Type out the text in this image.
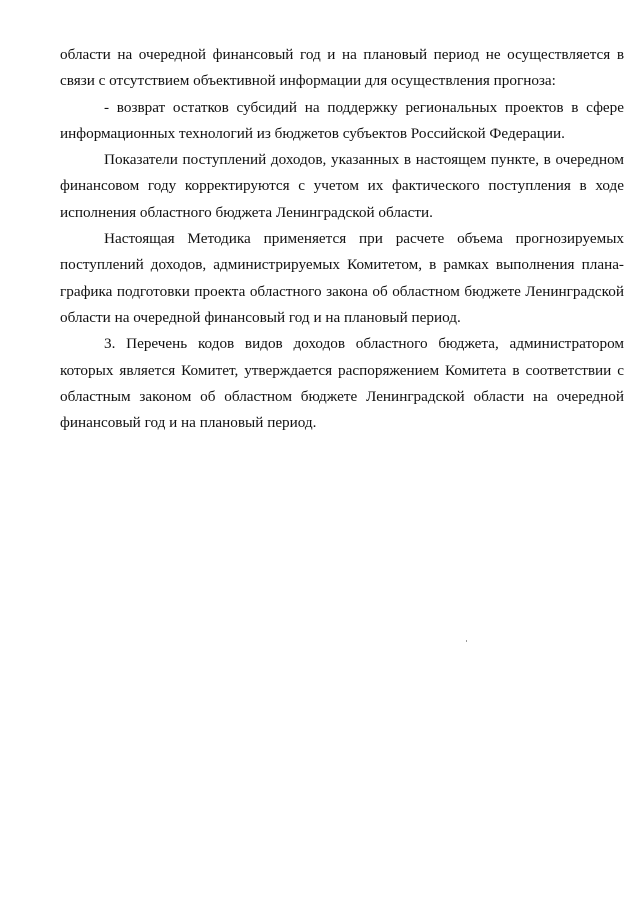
области на очередной финансовый год и на плановый период не осуществляется в связи с отсутствием объективной информации для осуществления прогноза:

- возврат остатков субсидий на поддержку региональных проектов в сфере информационных технологий из бюджетов субъектов Российской Федерации.

Показатели поступлений доходов, указанных в настоящем пункте, в очередном финансовом году корректируются с учетом их фактического поступления в ходе исполнения областного бюджета Ленинградской области.

Настоящая Методика применяется при расчете объема прогнозируемых поступлений доходов, администрируемых Комитетом, в рамках выполнения плана-графика подготовки проекта областного закона об областном бюджете Ленинградской области на очередной финансовый год и на плановый период.

3. Перечень кодов видов доходов областного бюджета, администратором которых является Комитет, утверждается распоряжением Комитета в соответствии с областным законом об областном бюджете Ленинградской области на очередной финансовый год и на плановый период.
